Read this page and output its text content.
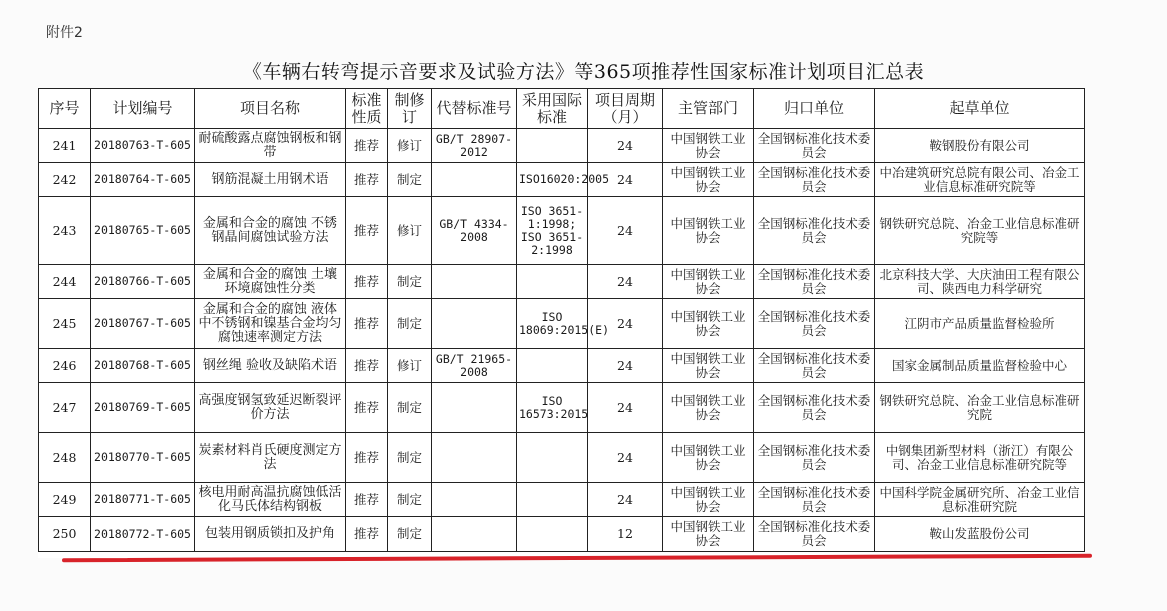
附件2
《车辆右转弯提示音要求及试验方法》等365项推荐性国家标准计划项目汇总表
序号	计划编号	项目名称	标准性质	制修订	代替标准号	采用国际标准	项目周期（月）	主管部门	归口单位	起草单位
241	20180763-T-605	耐硫酸露点腐蚀钢板和钢带	推荐	修订	GB/T 28907-2012		24	中国钢铁工业协会	全国钢标准化技术委员会	鞍钢股份有限公司
242	20180764-T-605	钢筋混凝土用钢术语	推荐	制定		ISO16020:2005	24	中国钢铁工业协会	全国钢标准化技术委员会	中冶建筑研究总院有限公司、冶金工业信息标准研究院等
243	20180765-T-605	金属和合金的腐蚀 不锈钢晶间腐蚀试验方法	推荐	修订	GB/T 4334-2008	ISO 3651-1:1998; ISO 3651-2:1998	24	中国钢铁工业协会	全国钢标准化技术委员会	钢铁研究总院、冶金工业信息标准研究院等
244	20180766-T-605	金属和合金的腐蚀 土壤环境腐蚀性分类	推荐	制定			24	中国钢铁工业协会	全国钢标准化技术委员会	北京科技大学、大庆油田工程有限公司、陕西电力科学研究
245	20180767-T-605	金属和合金的腐蚀 液体中不锈钢和镍基合金均匀腐蚀速率测定方法	推荐	制定		ISO 18069:2015(E)	24	中国钢铁工业协会	全国钢标准化技术委员会	江阴市产品质量监督检验所
246	20180768-T-605	钢丝绳 验收及缺陷术语	推荐	修订	GB/T 21965-2008		24	中国钢铁工业协会	全国钢标准化技术委员会	国家金属制品质量监督检验中心
247	20180769-T-605	高强度钢氢致延迟断裂评价方法	推荐	制定		ISO 16573:2015	24	中国钢铁工业协会	全国钢标准化技术委员会	钢铁研究总院、冶金工业信息标准研究院
248	20180770-T-605	炭素材料肖氏硬度测定方法	推荐	制定			24	中国钢铁工业协会	全国钢标准化技术委员会	中钢集团新型材料（浙江）有限公司、冶金工业信息标准研究院等
249	20180771-T-605	核电用耐高温抗腐蚀低活化马氏体结构钢板	推荐	制定			24	中国钢铁工业协会	全国钢标准化技术委员会	中国科学院金属研究所、冶金工业信息标准研究院
250	20180772-T-605	包装用钢质锁扣及护角	推荐	制定			12	中国钢铁工业协会	全国钢标准化技术委员会	鞍山发蓝股份公司
